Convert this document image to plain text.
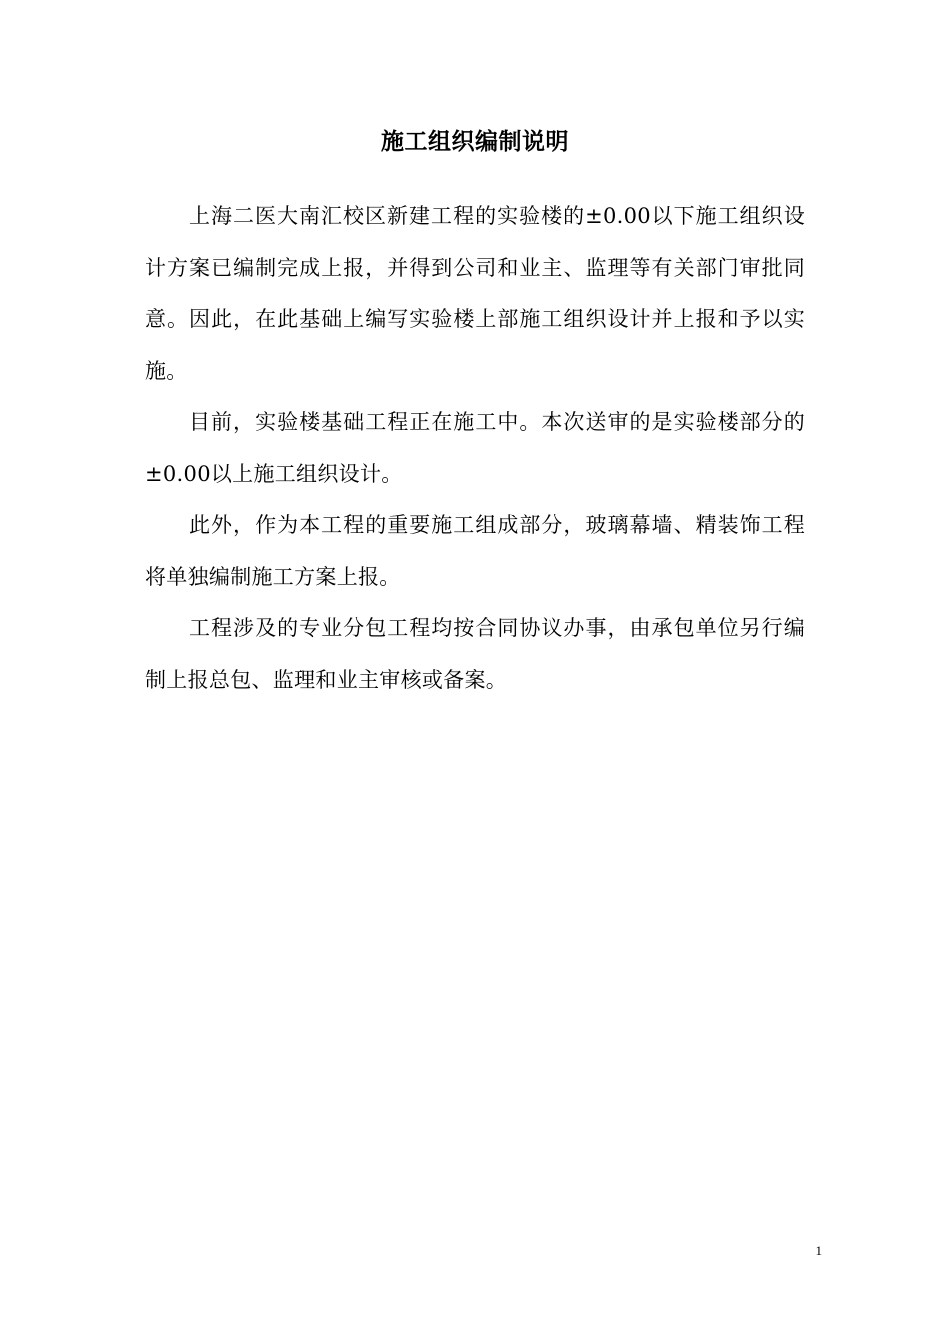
施工组织编制说明

上海二医大南汇校区新建工程的实验楼的±0.00以下施工组织设计方案已编制完成上报，并得到公司和业主、监理等有关部门审批同意。因此，在此基础上编写实验楼上部施工组织设计并上报和予以实施。

目前，实验楼基础工程正在施工中。本次送审的是实验楼部分的±0.00以上施工组织设计。

此外，作为本工程的重要施工组成部分，玻璃幕墙、精装饰工程将单独编制施工方案上报。

工程涉及的专业分包工程均按合同协议办事，由承包单位另行编制上报总包、监理和业主审核或备案。

1
